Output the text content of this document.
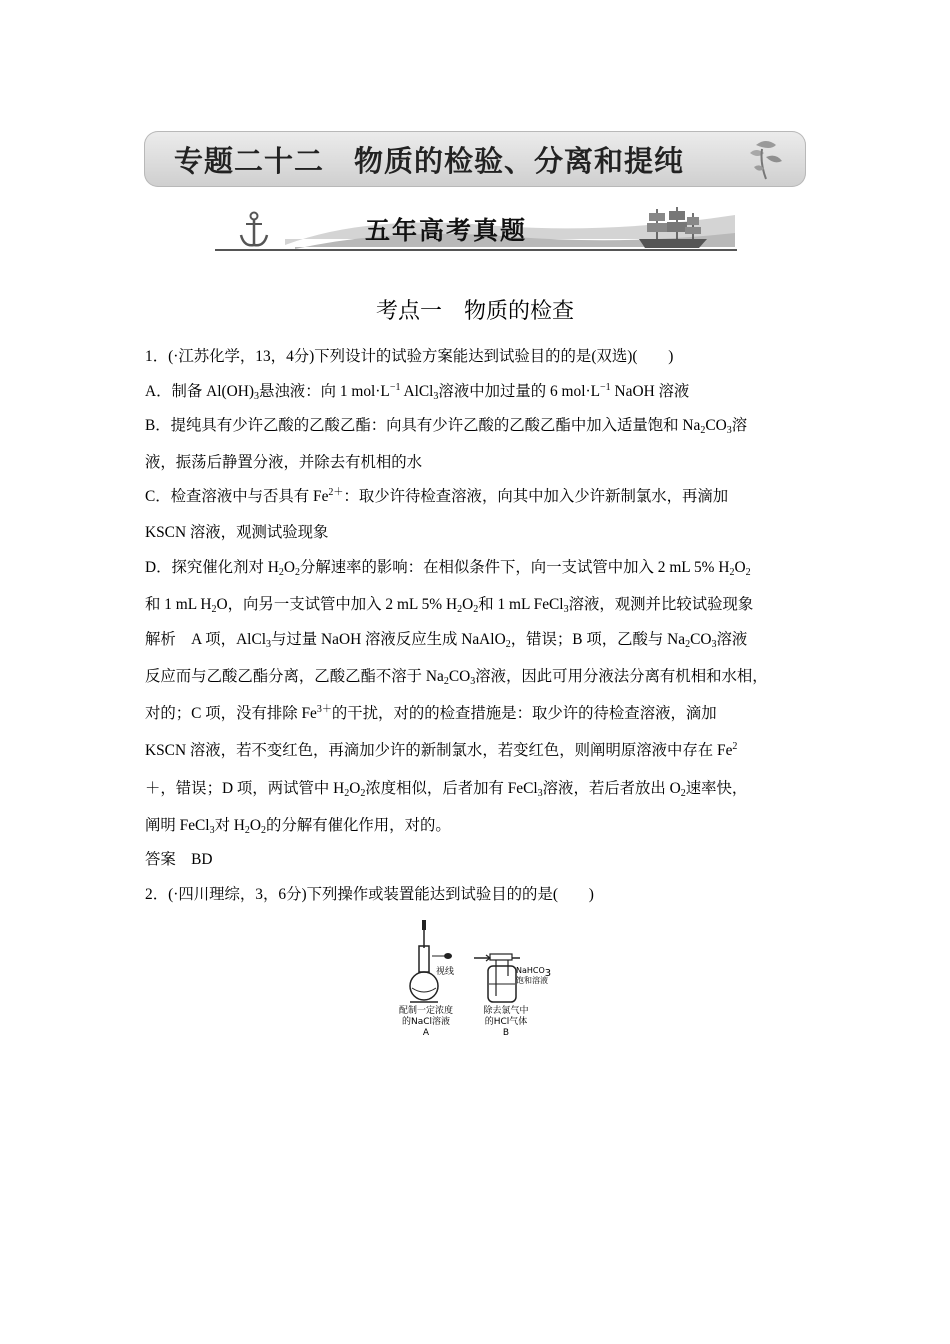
专题二十二　物质的检验、分离和提纯
五年高考真题
考点一　物质的检查
1．(·江苏化学，13，4分)下列设计的试验方案能达到试验目的的是(双选)(　　)
A．制备 $Al(OH)_3$悬浊液：向 1 $mol\cdot L^{-1}$ AlCl$_3$溶液中加过量的 6 $mol\cdot L^{-1}$ NaOH 溶液
B．提纯具有少许乙酸的乙酸乙酯：向具有少许乙酸的乙酸乙酯中加入适量饱和 $Na_2CO_3$溶
液，振荡后静置分液，并除去有机相的水
C．检查溶液中与否具有 $Fe^{2+}$：取少许待检查溶液，向其中加入少许新制氯水，再滴加
KSCN 溶液，观测试验现象
D．探究催化剂对 $H_2O_2$分解速率的影响：在相似条件下，向一支试管中加入 2 mL 5% $H_2O_2$
和 1 mL $H_2O$，向另一支试管中加入 2 mL 5% $H_2O_2$和 1 mL FeCl$_3$溶液，观测并比较试验现象
解析　A 项，AlCl$_3$与过量 NaOH 溶液反应生成 NaAlO$_2$，错误；B 项，乙酸与 $Na_2CO_3$溶液
反应而与乙酸乙酯分离，乙酸乙酯不溶于 $Na_2CO_3$溶液，因此可用分液法分离有机相和水相，
对的；C 项，没有排除 $Fe^{3+}$的干扰，对的的检查措施是：取少许的待检查溶液，滴加
KSCN 溶液，若不变红色，再滴加少许的新制氯水，若变红色，则阐明原溶液中存在 $Fe^2$
＋，错误；D 项，两试管中 $H_2O_2$浓度相似，后者加有 FeCl$_3$溶液，若后者放出 $O_2$速率快，
阐明 FeCl$_3$对 $H_2O_2$的分解有催化作用，对的。
答案　BD
2．(·四川理综，3，6分)下列操作或装置能达到试验目的的是(　　)
视线
配制一定浓度
的NaCl溶液
A
NaHCO$_3$
饱和溶液
除去氯气中
的HCl气体
B
